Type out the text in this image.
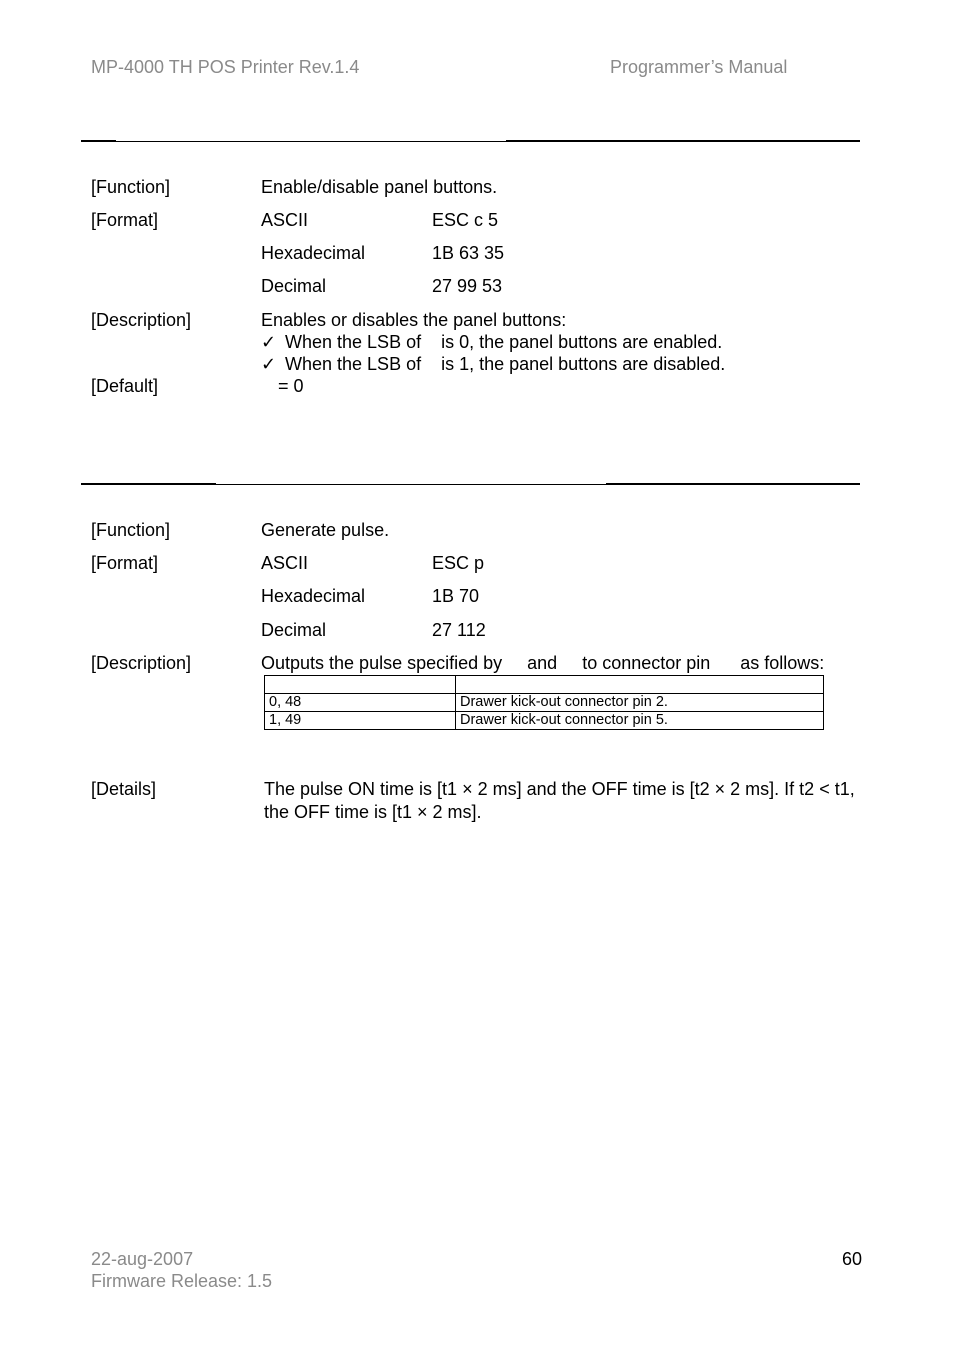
MP-4000 TH POS Printer Rev.1.4	Programmer’s Manual
[Function]	Enable/disable panel buttons.
[Format]	ASCII	ESC c 5
Hexadecimal	1B 63 35
Decimal	27 99 53
[Description]	Enables or disables the panel buttons:
✓ When the LSB of    is 0, the panel buttons are enabled.
✓ When the LSB of    is 1, the panel buttons are disabled.
[Default]	= 0
[Function]	Generate pulse.
[Format]	ASCII	ESC p
Hexadecimal	1B 70
Decimal	27 112
[Description]	Outputs the pulse specified by     and     to connector pin      as follows:

0, 48	Drawer kick-out connector pin 2.
1, 49	Drawer kick-out connector pin 5.
[Details]	The pulse ON time is [t1 × 2 ms] and the OFF time is [t2 × 2 ms]. If t2 < t1, the OFF time is [t1 × 2 ms].
22-aug-2007
Firmware Release: 1.5
60
